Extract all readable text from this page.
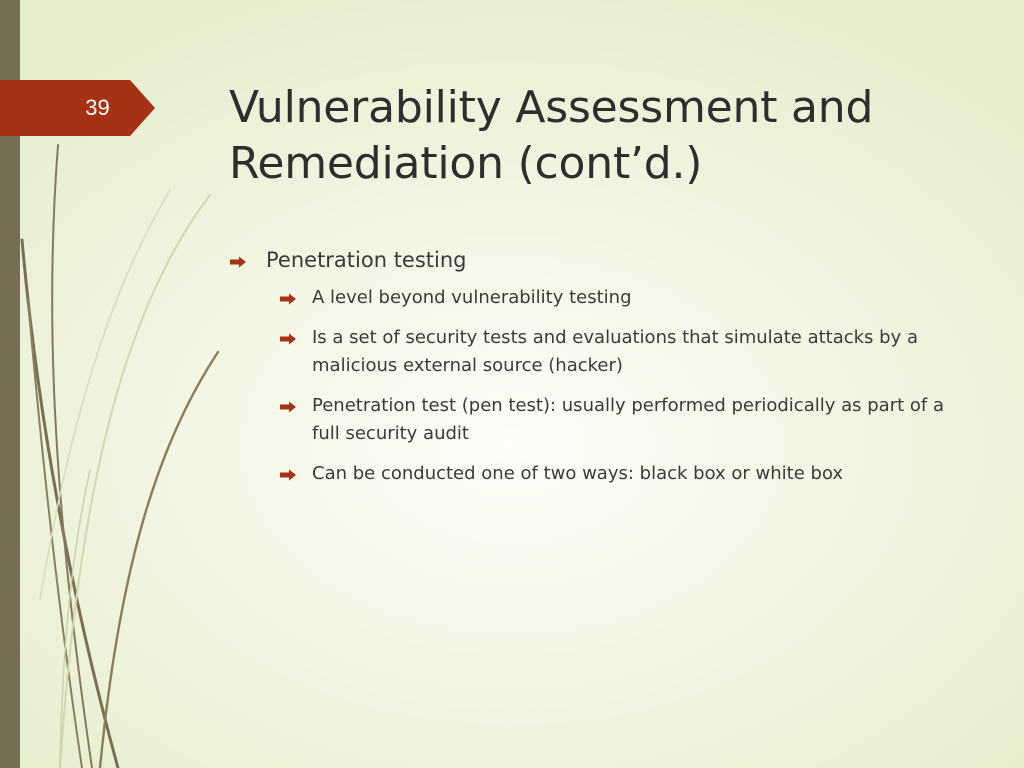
39	Vulnerability Assessment and
Remediation (cont’d.)
Penetration testing
A level beyond vulnerability testing
Is a set of security tests and evaluations that simulate attacks by a malicious external source (hacker)
Penetration test (pen test): usually performed periodically as part of a full security audit
Can be conducted one of two ways: black box or white box
